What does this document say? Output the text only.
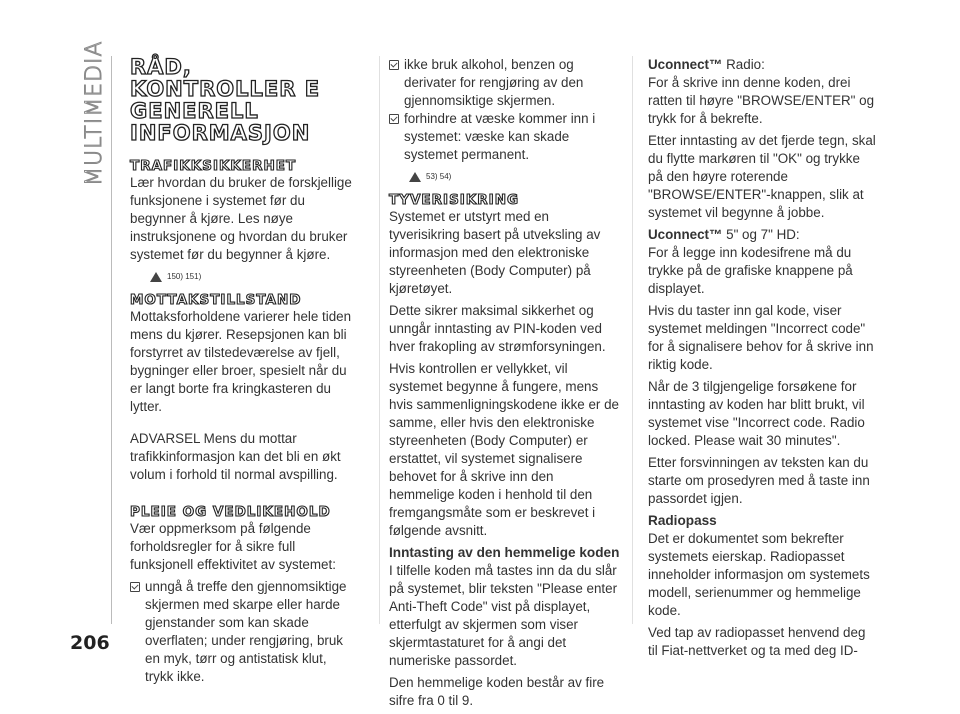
MULTIMEDIA
206
RÅD, KONTROLLER E GENERELL INFORMASJON
TRAFIKKSIKKERHET

Lær hvordan du bruker de forskjellige funksjonene i systemet før du begynner å kjøre. Les nøye instruksjonene og hvordan du bruker systemet før du begynner å kjøre.

150) 151)
MOTTAKSTILLSTAND

Mottaksforholdene varierer hele tiden mens du kjører. Resepsjonen kan bli forstyrret av tilstedeværelse av fjell, bygninger eller broer, spesielt når du er langt borte fra kringkasteren du lytter.

ADVARSEL Mens du mottar trafikkinformasjon kan det bli en økt volum i forhold til normal avspilling.

PLEIE OG VEDLIKEHOLD

Vær oppmerksom på følgende forholdsregler for å sikre full funksjonell effektivitet av systemet:

unngå å treffe den gjennomsiktige skjermen med skarpe eller harde gjenstander som kan skade overflaten; under rengjøring, bruk en myk, tørr og antistatisk klut, trykk ikke.
ikke bruk alkohol, benzen og derivater for rengjøring av den gjennomsiktige skjermen.
forhindre at væske kommer inn i systemet: væske kan skade systemet permanent.
53) 54)
TYVERISIKRING

Systemet er utstyrt med en tyverisikring basert på utveksling av informasjon med den elektroniske styreenheten (Body Computer) på kjøretøyet.

Dette sikrer maksimal sikkerhet og unngår inntasting av PIN-koden ved hver frakopling av strømforsyningen.

Hvis kontrollen er vellykket, vil systemet begynne å fungere, mens hvis sammenligningskodene ikke er de samme, eller hvis den elektroniske styreenheten (Body Computer) er erstattet, vil systemet signalisere behovet for å skrive inn den hemmelige koden i henhold til den fremgangsmåte som er beskrevet i følgende avsnitt.

Inntasting av den hemmelige koden

I tilfelle koden må tastes inn da du slår på systemet, blir teksten "Please enter Anti-Theft Code" vist på displayet, etterfulgt av skjermen som viser skjermtastaturet for å angi det numeriske passordet.

Den hemmelige koden består av fire sifre fra 0 til 9.

Uconnect™ Radio:

For å skrive inn denne koden, drei ratten til høyre "BROWSE/ENTER" og trykk for å bekrefte.

Etter inntasting av det fjerde tegn, skal du flytte markøren til "OK" og trykke på den høyre roterende "BROWSE/ENTER"-knappen, slik at systemet vil begynne å jobbe.

Uconnect™ 5" og 7" HD:

For å legge inn kodesifrene må du trykke på de grafiske knappene på displayet.

Hvis du taster inn gal kode, viser systemet meldingen "Incorrect code" for å signalisere behov for å skrive inn riktig kode.

Når de 3 tilgjengelige forsøkene for inntasting av koden har blitt brukt, vil systemet vise "Incorrect code. Radio locked. Please wait 30 minutes".

Etter forsvinningen av teksten kan du starte om prosedyren med å taste inn passordet igjen.

Radiopass

Det er dokumentet som bekrefter systemets eierskap. Radiopasset inneholder informasjon om systemets modell, serienummer og hemmelige kode.

Ved tap av radiopasset henvend deg til Fiat-nettverket og ta med deg ID-
